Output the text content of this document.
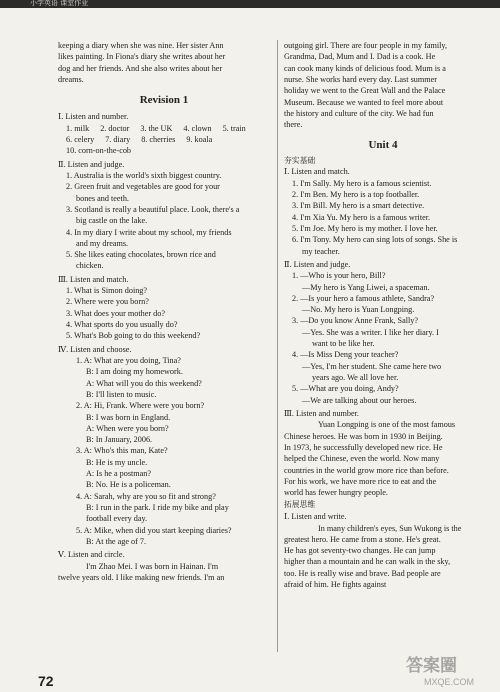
小学英语 课堂作业

keeping a diary when she was nine. Her sister Ann

likes painting. In Fiona's diary she writes about her

dog and her friends. And she also writes about her

dreams.

Revision 1

Ⅰ. Listen and number.

1. milk 2. doctor 3. the UK 4. clown 5. train
6. celery 7. diary 8. cherries 9. koala
10. corn-on-the-cob

Ⅱ. Listen and judge.

1. Australia is the world's sixth biggest country.

2. Green fruit and vegetables are good for your

bones and teeth.

3. Scotland is really a beautiful place. Look, there's a

big castle on the lake.

4. In my diary I write about my school, my friends

and my dreams.

5. She likes eating chocolates, brown rice and

chicken.

Ⅲ. Listen and match.

1. What is Simon doing?

2. Where were you born?

3. What does your mother do?

4. What sports do you usually do?

5. What's Bob going to do this weekend?

Ⅳ. Listen and choose.

1. A: What are you doing, Tina?

B: I am doing my homework.

A: What will you do this weekend?

B: I'll listen to music.

2. A: Hi, Frank. Where were you born?

B: I was born in England.

A: When were you born?

B: In January, 2006.

3. A: Who's this man, Kate?

B: He is my uncle.

A: Is he a postman?

B: No. He is a policeman.

4. A: Sarah, why are you so fit and strong?

B: I run in the park. I ride my bike and play

football every day.

5. A: Mike, when did you start keeping diaries?

B: At the age of 7.

Ⅴ. Listen and circle.

I'm Zhao Mei. I was born in Hainan. I'm

twelve years old. I like making new friends. I'm an

outgoing girl. There are four people in my family,

Grandma, Dad, Mum and I. Dad is a cook. He

can cook many kinds of delicious food. Mum is a

nurse. She works hard every day. Last summer

holiday we went to the Great Wall and the Palace

Museum. Because we wanted to feel more about

the history and culture of the city. We had fun

there.

Unit 4

夯实基础

Ⅰ. Listen and match.

1. I'm Sally. My hero is a famous scientist.

2. I'm Ben. My hero is a top footballer.

3. I'm Bill. My hero is a smart detective.

4. I'm Xia Yu. My hero is a famous writer.

5. I'm Joe. My hero is my mother. I love her.

6. I'm Tony. My hero can sing lots of songs. She is

my teacher.

Ⅱ. Listen and judge.

1. —Who is your hero, Bill?

—My hero is Yang Liwei, a spaceman.

2. —Is your hero a famous athlete, Sandra?

—No. My hero is Yuan Longping.

3. —Do you know Anne Frank, Sally?

—Yes. She was a writer. I like her diary. I

want to be like her.

4. —Is Miss Deng your teacher?

—Yes, I'm her student. She came here two

years ago. We all love her.

5. —What are you doing, Andy?

—We are talking about our heroes.

Ⅲ. Listen and number.

Yuan Longping is one of the most famous

Chinese heroes. He was born in 1930 in Beijing.

In 1973, he successfully developed new rice. He

helped the Chinese, even the world. Now many

countries in the world grow more rice than before.

For his work, we have more rice to eat and the

world has fewer hungry people.

拓展思维

Ⅰ. Listen and write.

In many children's eyes, Sun Wukong is the

greatest hero. He came from a stone. He's great.

He has got seventy-two changes. He can jump

higher than a mountain and he can walk in the sky,

too. He is really wise and brave. Bad people are

afraid of him. He fights against

72
答案圈
MXQE.COM
